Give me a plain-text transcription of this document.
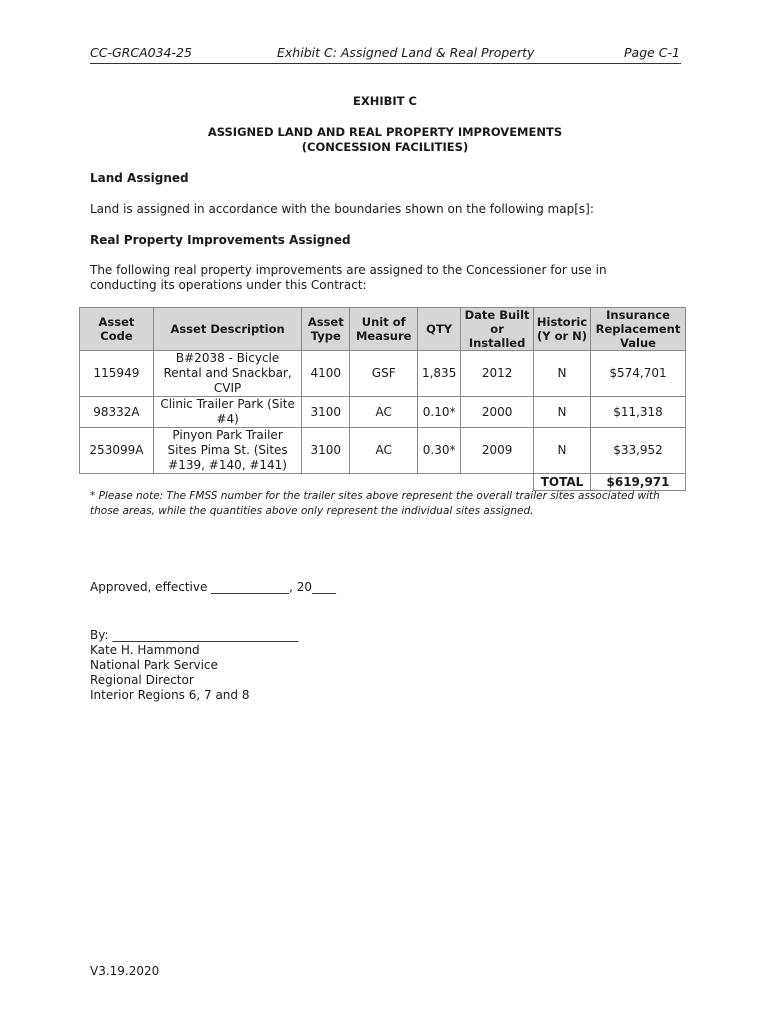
CC-GRCA034-25	Exhibit C: Assigned Land & Real Property	Page C-1
EXHIBIT C
ASSIGNED LAND AND REAL PROPERTY IMPROVEMENTS
(CONCESSION FACILITIES)
Land Assigned
Land is assigned in accordance with the boundaries shown on the following map[s]:
Real Property Improvements Assigned
The following real property improvements are assigned to the Concessioner for use in conducting its operations under this Contract:
Asset Code	Asset Description	Asset Type	Unit of Measure	QTY	Date Built or Installed	Historic (Y or N)	Insurance Replacement Value
115949	B#2038 - Bicycle Rental and Snackbar, CVIP	4100	GSF	1,835	2012	N	$574,701
98332A	Clinic Trailer Park (Site #4)	3100	AC	0.10*	2000	N	$11,318
253099A	Pinyon Park Trailer Sites Pima St. (Sites #139, #140, #141)	3100	AC	0.30*	2009	N	$33,952
						TOTAL	$619,971
* Please note: The FMSS number for the trailer sites above represent the overall trailer sites associated with those areas, while the quantities above only represent the individual sites assigned.
Approved, effective _____________, 20____
By: _______________________________
Kate H. Hammond
National Park Service
Regional Director
Interior Regions 6, 7 and 8
V3.19.2020
